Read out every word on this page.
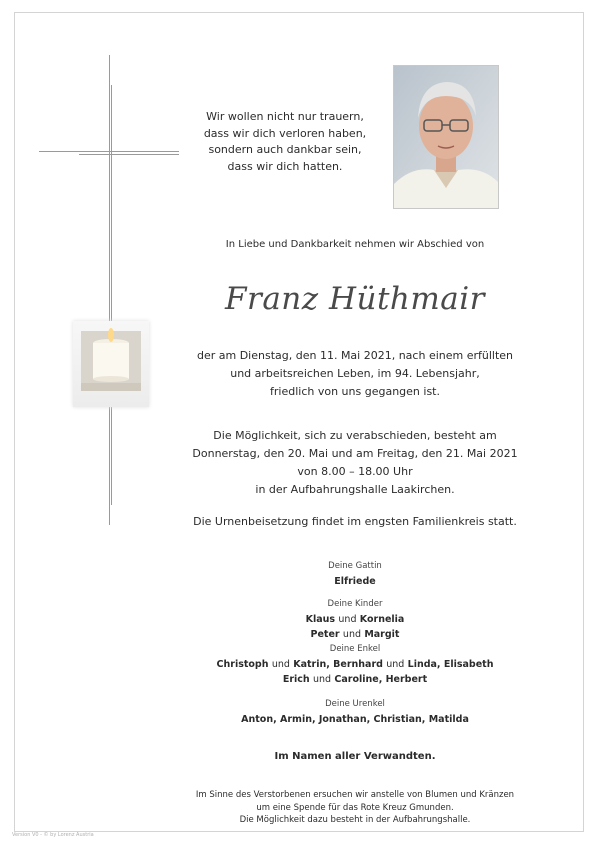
Wir wollen nicht nur trauern,
dass wir dich verloren haben,
sondern auch dankbar sein,
dass wir dich hatten.
In Liebe und Dankbarkeit nehmen wir Abschied von
Franz Hüthmair
der am Dienstag, den 11. Mai 2021, nach einem erfüllten
und arbeitsreichen Leben, im 94. Lebensjahr,
friedlich von uns gegangen ist.
Die Möglichkeit, sich zu verabschieden, besteht am
Donnerstag, den 20. Mai und am Freitag, den 21. Mai 2021
von 8.00 – 18.00 Uhr
in der Aufbahrungshalle Laakirchen.
Die Urnenbeisetzung findet im engsten Familienkreis statt.
Deine Gattin
Elfriede
Deine Kinder
Klaus und Kornelia
Peter und Margit
Deine Enkel
Christoph und Katrin, Bernhard und Linda, Elisabeth
Erich und Caroline, Herbert
Deine Urenkel
Anton, Armin, Jonathan, Christian, Matilda
Im Namen aller Verwandten.
Im Sinne des Verstorbenen ersuchen wir anstelle von Blumen und Kränzen
um eine Spende für das Rote Kreuz Gmunden.
Die Möglichkeit dazu besteht in der Aufbahrungshalle.
Version V0 - © by Lorenz Austria
